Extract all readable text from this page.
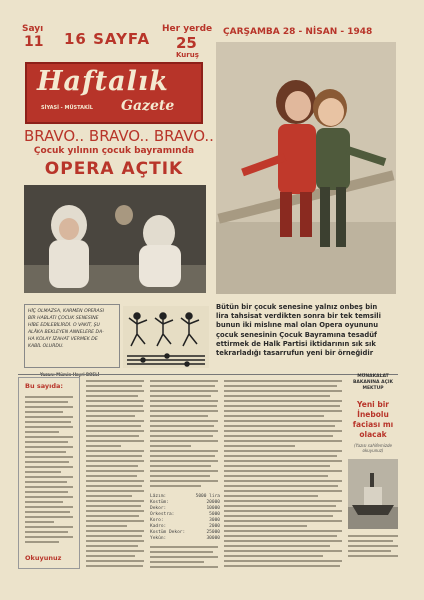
Sayı
11 16 SAYFA
Her yerde
25
Kuruş
ÇARŞAMBA 28 - NİSAN - 1948
Haftalık
SİYASİ - MÜSTAKİL Gazete
BRAVO.. BRAVO.. BRAVO..
Çocuk yılının çocuk bayramında
OPERA AÇTIK
HİÇ OLMAZSA, KARMEN OPERASI
BİR HABLATI ÇOCUK SENESİNE
HİBE EDİLEBİLİRDİ. O VAKİT, ŞU
ALÂKA BEKLEYEN ANNELERE DA-
HA KOLAY İZAHAT VERMEK DE
KABİL OLURDU.
Bütün bir çocuk senesine yalnız onbeş bin
lira tahsisat verdikten sonra bir tek temsili
bunun iki mislıne mal olan Opera oyununu
çocuk senesinin Çocuk Bayramına tesadüf
ettirmek de Halk Partisi iktidarının sık sık
tekrarladığı tasarrufun yeni bir örneğidir
Bu sayıda:
Okuyunuz
Lâzım:	5000 lira
Kostüm:	20000
Dekor:	10000
Orkestra:	5000
Koro:	3000
Kadro:	2000
Kostüm Dekor:	25000
Yekûn:	30000
MÜNAKALAT BAKANINA AÇIK MEKTUP
Yeni bir İnebolu faciası mı olacak
(Yazısı sahifemizde okuyunuz)
